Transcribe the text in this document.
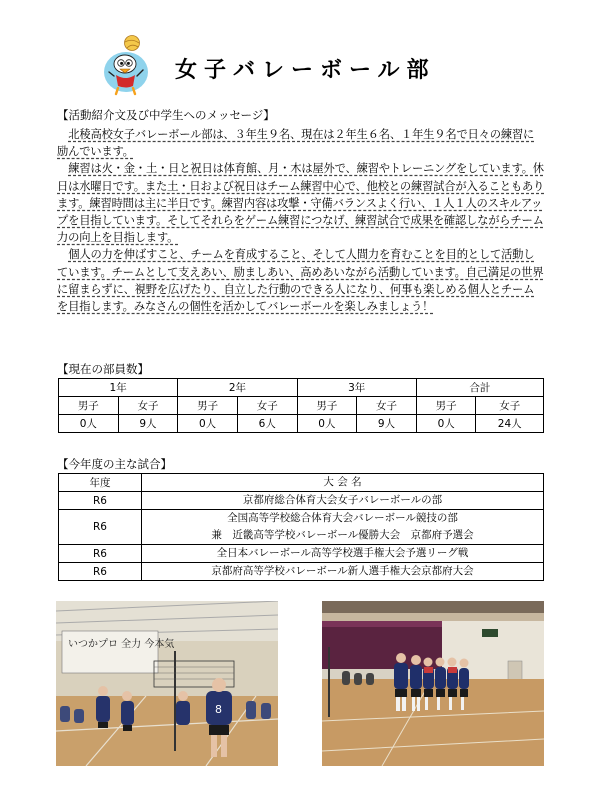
女子バレーボール部
【活動紹介文及び中学生へのメッセージ】

北稜高校女子バレーボール部は、３年生９名、現在は２年生６名、１年生９名で日々の練習に励んでいます。

練習は火・金・土・日と祝日は体育館、月・木は屋外で、練習やトレーニングをしています。休日は水曜日です。また土・日および祝日はチーム練習中心で、他校との練習試合が入ることもあります。練習時間は主に半日です。練習内容は攻撃・守備バランスよく行い、１人１人のスキルアップを目指しています。そしてそれらをゲーム練習につなげ、練習試合で成果を確認しながらチーム力の向上を目指します。

個人の力を伸ばすこと、チームを育成すること、そして人間力を育むことを目的として活動しています。チームとして支えあい、励ましあい、高めあいながら活動しています。自己満足の世界に留まらずに、視野を広げたり、自立した行動のできる人になり、何事も楽しめる個人とチームを目指します。みなさんの個性を活かしてバレーボールを楽しみましょう！

【現在の部員数】
1年		2年		3年		合計	
男子	女子	男子	女子	男子	女子	男子	女子
0人	9人	0人	6人	0人	9人	0人	24人
【今年度の主な試合】
年度	大 会 名
R6	京都府総合体育大会女子バレーボールの部
R6	全国高等学校総合体育大会バレーボール競技の部
兼　近畿高等学校バレーボール優勝大会　京都府予選会

R6	全日本バレーボール高等学校選手権大会予選リーグ戦
R6	京都府高等学校バレーボール新人選手権大会京都府大会
いつかプロ 全力 今本気
8
